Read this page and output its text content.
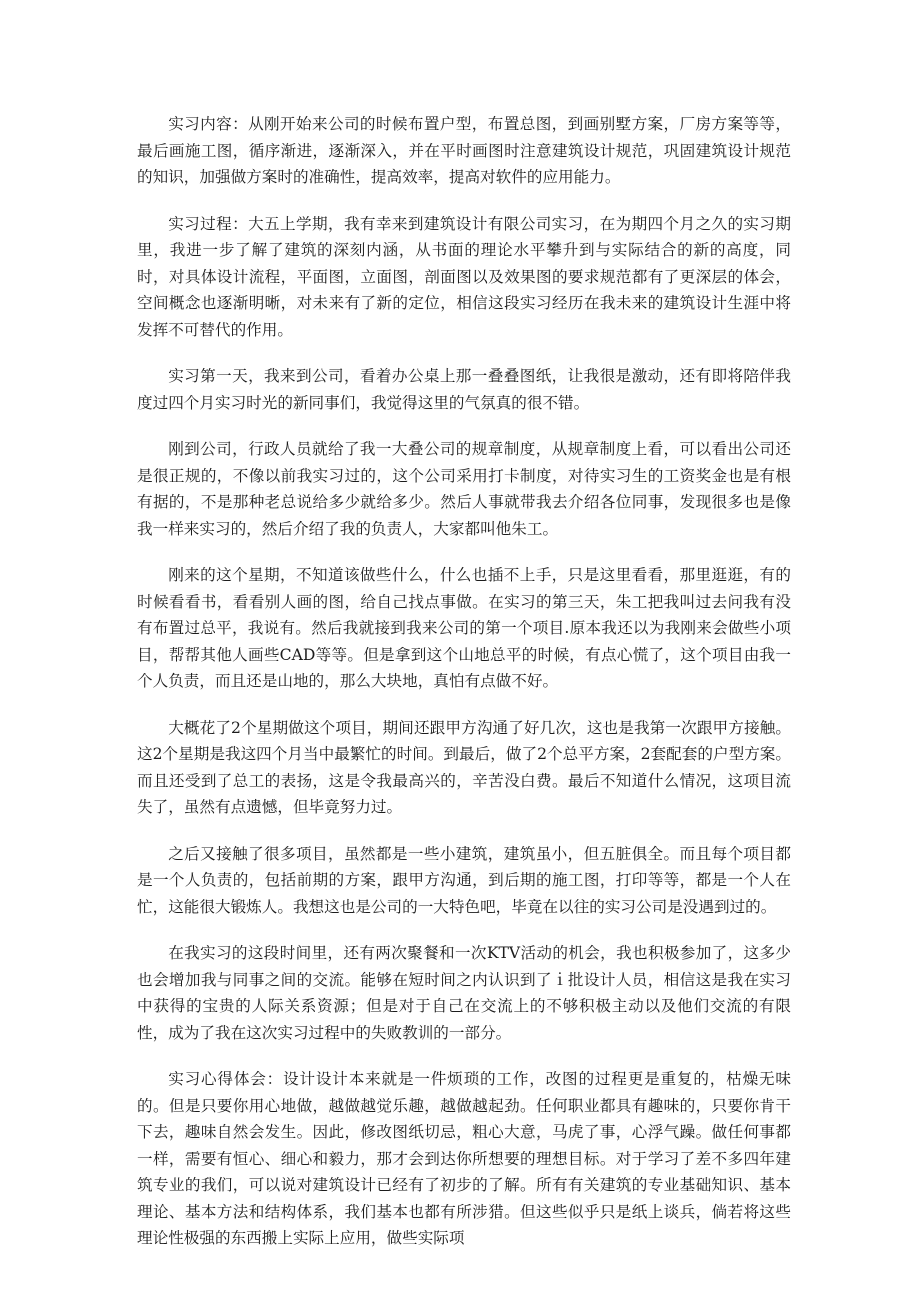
实习内容：从刚开始来公司的时候布置户型，布置总图，到画别墅方案，厂房方案等等，最后画施工图，循序渐进，逐渐深入，并在平时画图时注意建筑设计规范，巩固建筑设计规范的知识，加强做方案时的准确性，提高效率，提高对软件的应用能力。

实习过程：大五上学期，我有幸来到建筑设计有限公司实习，在为期四个月之久的实习期里，我进一步了解了建筑的深刻内涵，从书面的理论水平攀升到与实际结合的新的高度，同时，对具体设计流程，平面图，立面图，剖面图以及效果图的要求规范都有了更深层的体会，空间概念也逐渐明晰，对未来有了新的定位，相信这段实习经历在我未来的建筑设计生涯中将发挥不可替代的作用。

实习第一天，我来到公司，看着办公桌上那一叠叠图纸，让我很是激动，还有即将陪伴我度过四个月实习时光的新同事们，我觉得这里的气氛真的很不错。

刚到公司，行政人员就给了我一大叠公司的规章制度，从规章制度上看，可以看出公司还是很正规的，不像以前我实习过的，这个公司采用打卡制度，对待实习生的工资奖金也是有根有据的，不是那种老总说给多少就给多少。然后人事就带我去介绍各位同事，发现很多也是像我一样来实习的，然后介绍了我的负责人，大家都叫他朱工。

刚来的这个星期，不知道该做些什么，什么也插不上手，只是这里看看，那里逛逛，有的时候看看书，看看别人画的图，给自己找点事做。在实习的第三天，朱工把我叫过去问我有没有布置过总平，我说有。然后我就接到我来公司的第一个项目.原本我还以为我刚来会做些小项目，帮帮其他人画些CAD等等。但是拿到这个山地总平的时候，有点心慌了，这个项目由我一个人负责，而且还是山地的，那么大块地，真怕有点做不好。

大概花了2个星期做这个项目，期间还跟甲方沟通了好几次，这也是我第一次跟甲方接触。这2个星期是我这四个月当中最繁忙的时间。到最后，做了2个总平方案，2套配套的户型方案。而且还受到了总工的表扬，这是令我最高兴的，辛苦没白费。最后不知道什么情况，这项目流失了，虽然有点遗憾，但毕竟努力过。

之后又接触了很多项目，虽然都是一些小建筑，建筑虽小，但五脏俱全。而且每个项目都是一个人负责的，包括前期的方案，跟甲方沟通，到后期的施工图，打印等等，都是一个人在忙，这能很大锻炼人。我想这也是公司的一大特色吧，毕竟在以往的实习公司是没遇到过的。

在我实习的这段时间里，还有两次聚餐和一次KTV活动的机会，我也积极参加了，这多少也会增加我与同事之间的交流。能够在短时间之内认识到了ｉ批设计人员，相信这是我在实习中获得的宝贵的人际关系资源；但是对于自己在交流上的不够积极主动以及他们交流的有限性，成为了我在这次实习过程中的失败教训的一部分。

实习心得体会：设计设计本来就是一件烦琐的工作，改图的过程更是重复的，枯燥无味的。但是只要你用心地做，越做越觉乐趣，越做越起劲。任何职业都具有趣味的，只要你肯干下去，趣味自然会发生。因此，修改图纸切忌，粗心大意，马虎了事，心浮气躁。做任何事都一样，需要有恒心、细心和毅力，那才会到达你所想要的理想目标。对于学习了差不多四年建筑专业的我们，可以说对建筑设计已经有了初步的了解。所有有关建筑的专业基础知识、基本理论、基本方法和结构体系，我们基本也都有所涉猎。但这些似乎只是纸上谈兵，倘若将这些理论性极强的东西搬上实际上应用，做些实际项
